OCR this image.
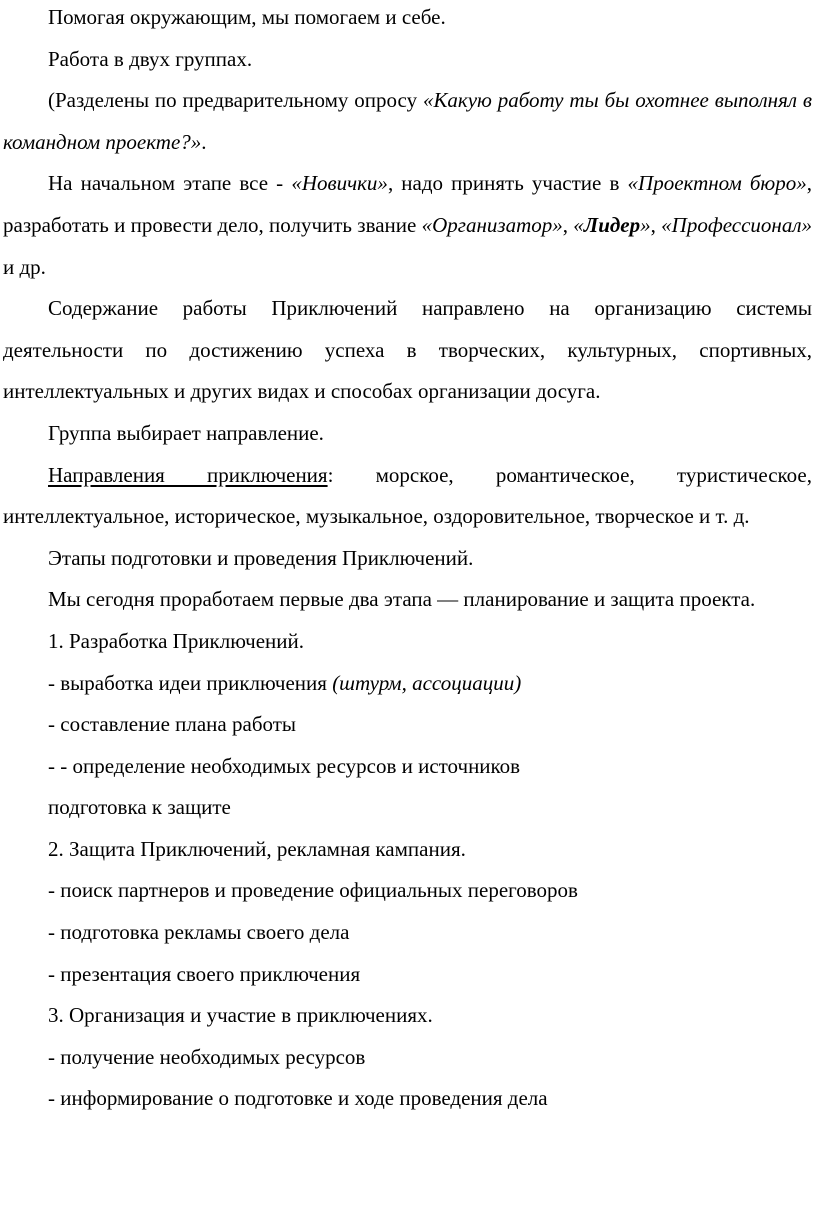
Помогая окружающим, мы помогаем и себе.

Работа в двух группах.

(Разделены по предварительному опросу «Какую работу ты бы охотнее выполнял в командном проекте?».

На начальном этапе все - «Новички», надо принять участие в «Проектном бюро», разработать и провести дело, получить звание «Организатор», «Лидер», «Профессионал» и др.

Содержание работы Приключений направлено на организацию системы деятельности по достижению успеха в творческих, культурных, спортивных, интеллектуальных и других видах и способах организации досуга.

Группа выбирает направление.

Направления приключения: морское, романтическое, туристическое, интеллектуальное, историческое, музыкальное, оздоровительное, творческое и т. д.

Этапы подготовки и проведения Приключений.

Мы сегодня проработаем первые два этапа — планирование и защита проекта.

1. Разработка Приключений.

- выработка идеи приключения (штурм, ассоциации)

- составление плана работы

- - определение необходимых ресурсов и источников

подготовка к защите

2. Защита Приключений, рекламная кампания.

- поиск партнеров и проведение официальных переговоров

- подготовка рекламы своего дела

- презентация своего приключения

3. Организация и участие в приключениях.

- получение необходимых ресурсов

- информирование о подготовке и ходе проведения дела
